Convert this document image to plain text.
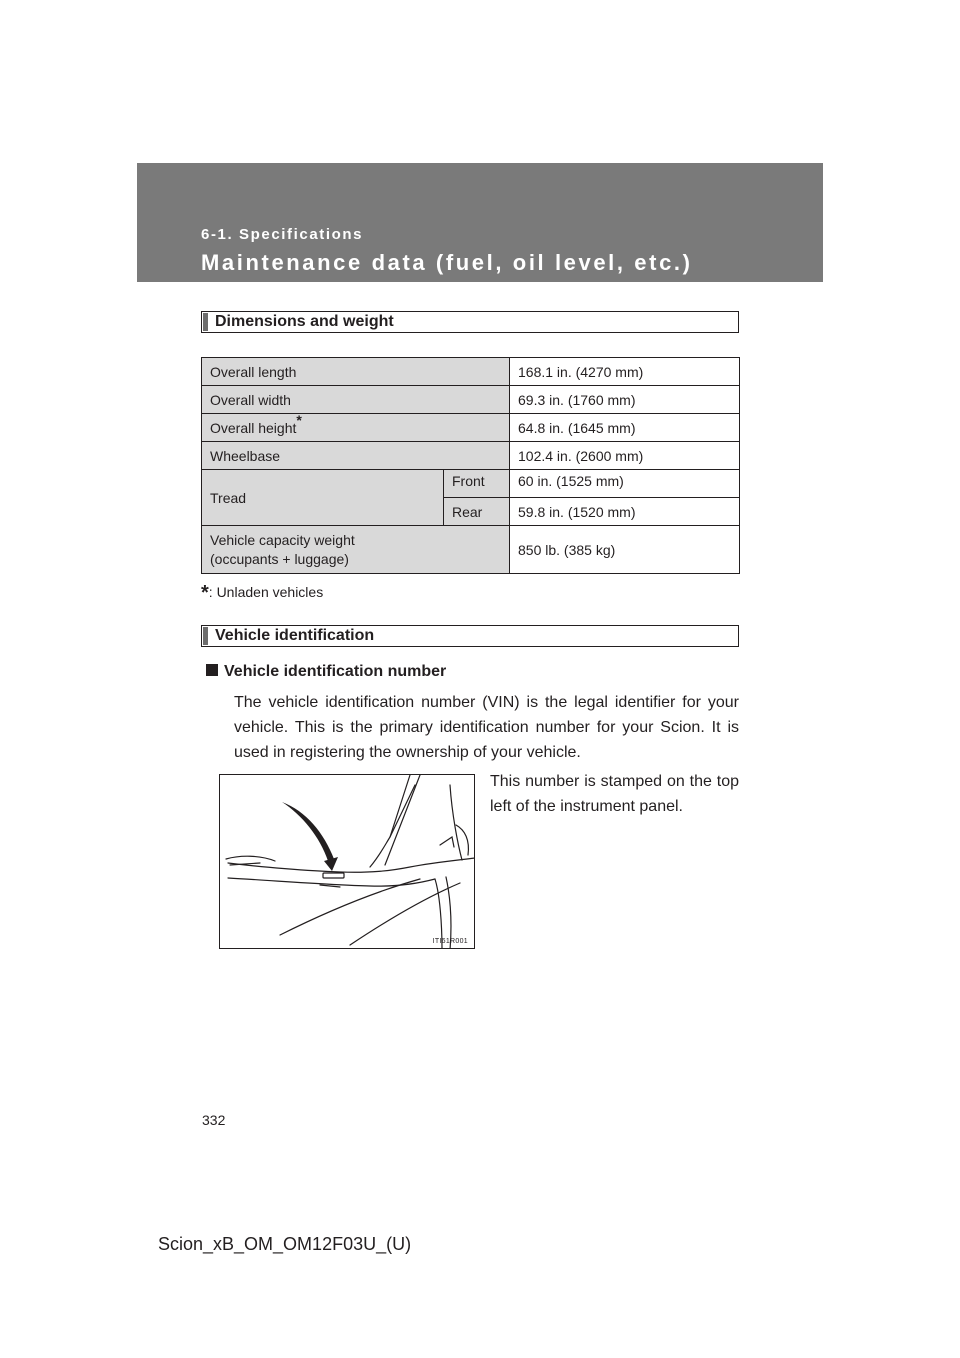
6-1. Specifications
Maintenance data (fuel, oil level, etc.)
Dimensions and weight
Overall length		168.1 in. (4270 mm)
Overall width		69.3 in. (1760 mm)
Overall height*		64.8 in. (1645 mm)
Wheelbase		102.4 in. (2600 mm)
Tread	Front	60 in. (1525 mm)
	Rear	59.8 in. (1520 mm)
Vehicle capacity weight
(occupants + luggage)		850 lb. (385 kg)
*: Unladen vehicles
Vehicle identification
Vehicle identification number
The vehicle identification number (VIN) is the legal identifier for your vehicle. This is the primary identification number for your Scion. It is used in registering the ownership of your vehicle.
This number is stamped on the top left of the instrument panel.
ITI61R001
332
Scion_xB_OM_OM12F03U_(U)
